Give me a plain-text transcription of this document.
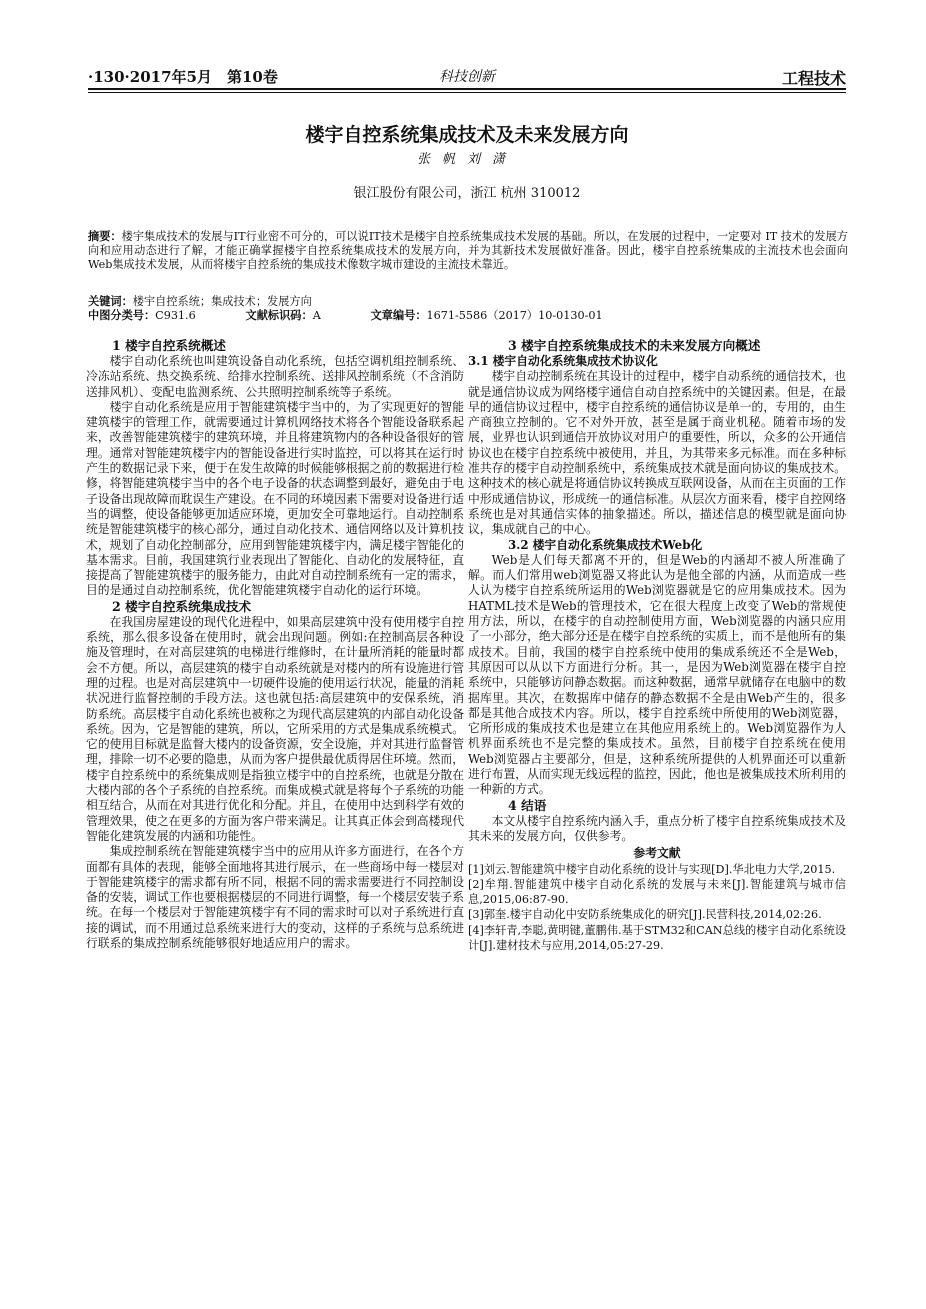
·130·2017年5月　第10卷	科技创新	工程技术
楼宇自控系统集成技术及未来发展方向
张帆刘潇
银江股份有限公司，浙江 杭州 310012
摘要：楼宇集成技术的发展与IT行业密不可分的，可以说IT技术是楼宇自控系统集成技术发展的基础。所以，在发展的过程中，一定要对 IT 技术的发展方向和应用动态进行了解，才能正确掌握楼宇自控系统集成技术的发展方向，并为其新技术发展做好准备。因此，楼宇自控系统集成的主流技术也会面向Web集成技术发展，从而将楼宇自控系统的集成技术像数字城市建设的主流技术靠近。
关键词：楼宇自控系统；集成技术；发展方向
中图分类号：C931.6	文献标识码：A	文章编号：1671-5586（2017）10-0130-01

1 楼宇自控系统概述

楼宇自动化系统也叫建筑设备自动化系统，包括空调机组控制系统、冷冻站系统、热交换系统、给排水控制系统、送排风控制系统（不含消防送排风机）、变配电监测系统、公共照明控制系统等子系统。

楼宇自动化系统是应用于智能建筑楼宇当中的，为了实现更好的智能建筑楼宇的管理工作，就需要通过计算机网络技术将各个智能设备联系起来，改善智能建筑楼宇的建筑环境，并且将建筑物内的各种设备很好的管理。通常对智能建筑楼宇内的智能设备进行实时监控，可以将其在运行时产生的数据记录下来，便于在发生故障的时候能够根据之前的数据进行检修，将智能建筑楼宇当中的各个电子设备的状态调整到最好，避免由于电子设备出现故障而耽误生产建设。在不同的环境因素下需要对设备进行适当的调整，使设备能够更加适应环境，更加安全可靠地运行。自动控制系统是智能建筑楼宇的核心部分，通过自动化技术、通信网络以及计算机技术，规划了自动化控制部分，应用到智能建筑楼宇内，满足楼宇智能化的基本需求。目前，我国建筑行业表现出了智能化、自动化的发展特征，直接提高了智能建筑楼宇的服务能力，由此对自动控制系统有一定的需求，目的是通过自动控制系统，优化智能建筑楼宇自动化的运行环境。

2 楼宇自控系统集成技术

在我国房屋建设的现代化进程中，如果高层建筑中没有使用楼宇自控系统，那么很多设备在使用时，就会出现问题。例如:在控制高层各种设施及管理时，在对高层建筑的电梯进行维修时，在计量所消耗的能量时都会不方便。所以，高层建筑的楼宇自动系统就是对楼内的所有设施进行管理的过程。也是对高层建筑中一切硬件设施的使用运行状况，能量的消耗状况进行监督控制的手段方法。这也就包括:高层建筑中的安保系统，消防系统。高层楼宇自动化系统也被称之为现代高层建筑的内部自动化设备系统。因为，它是智能的建筑，所以，它所采用的方式是集成系统模式。它的使用目标就是监督大楼内的设备资源，安全设施，并对其进行监督管理，排除一切不必要的隐患，从而为客户提供最优质得居住环境。然而，楼宇自控系统中的系统集成则是指独立楼宇中的自控系统，也就是分散在大楼内部的各个子系统的自控系统。而集成模式就是将每个子系统的功能相互结合，从而在对其进行优化和分配。并且，在使用中达到科学有效的管理效果，使之在更多的方面为客户带来满足。让其真正体会到高楼现代智能化建筑发展的内涵和功能性。

集成控制系统在智能建筑楼宇当中的应用从许多方面进行，在各个方面都有具体的表现，能够全面地将其进行展示，在一些商场中每一楼层对于智能建筑楼宇的需求都有所不同，根据不同的需求需要进行不同控制设备的安装，调试工作也要根据楼层的不同进行调整，每一个楼层安装子系统。在每一个楼层对于智能建筑楼宇有不同的需求时可以对子系统进行直接的调试，而不用通过总系统来进行大的变动，这样的子系统与总系统进行联系的集成控制系统能够很好地适应用户的需求。

3 楼宇自控系统集成技术的未来发展方向概述

3.1 楼宇自动化系统集成技术协议化

楼宇自动控制系统在其设计的过程中，楼宇自动系统的通信技术，也就是通信协议成为网络楼宇通信自动自控系统中的关键因素。但是，在最早的通信协议过程中，楼宇自控系统的通信协议是单一的，专用的，由生产商独立控制的。它不对外开放，甚至是属于商业机秘。随着市场的发展，业界也认识到通信开放协议对用户的重要性，所以，众多的公开通信协议也在楼宇自控系统中被使用，并且，为其带来多元标准。而在多种标准共存的楼宇自动控制系统中，系统集成技术就是面向协议的集成技术。这种技术的核心就是将通信协议转换成互联网设备，从而在主页面的工作中形成通信协议，形成统一的通信标准。从层次方面来看，楼宇自控网络系统也是对其通信实体的抽象描述。所以，描述信息的模型就是面向协议，集成就自己的中心。

3.2 楼宇自动化系统集成技术Web化

Web是人们每天都离不开的，但是Web的内涵却不被人所准确了解。而人们常用web浏览器又将此认为是他全部的内涵，从而造成一些人认为楼宇自控系统所运用的Web浏览器就是它的应用集成技术。因为HATML技术是Web的管理技术，它在很大程度上改变了Web的常规使用方法，所以，在楼宇的自动控制使用方面，Web浏览器的内涵只应用了一小部分，绝大部分还是在楼宇自控系统的实质上，而不是他所有的集成技术。目前，我国的楼宇自控系统中使用的集成系统还不全是Web，其原因可以从以下方面进行分析。其一，是因为Web浏览器在楼宇自控系统中，只能够访问静态数据。而这种数据，通常早就储存在电脑中的数据库里。其次，在数据库中储存的静态数据不全是由Web产生的，很多都是其他合成技术内容。所以，楼宇自控系统中所使用的Web浏览器，它所形成的集成技术也是建立在其他应用系统上的。Web浏览器作为人机界面系统也不是完整的集成技术。虽然，目前楼宇自控系统在使用Web浏览器占主要部分，但是，这种系统所提供的人机界面还可以重新进行布置，从而实现无线远程的监控，因此，他也是被集成技术所利用的一种新的方式。

4 结语

本文从楼宇自控系统内涵入手，重点分析了楼宇自控系统集成技术及其未来的发展方向，仅供参考。

参考文献

[1]刘云.智能建筑中楼宇自动化系统的设计与实现[D].华北电力大学,2015.

[2]牟翔.智能建筑中楼宇自动化系统的发展与未来[J].智能建筑与城市信息,2015,06:87-90.

[3]郭奎.楼宇自动化中安防系统集成化的研究[J].民营科技,2014,02:26.

[4]李轩青,李聪,黄明键,董鹏伟.基于STM32和CAN总线的楼宇自动化系统设计[J].建材技术与应用,2014,05:27-29.
